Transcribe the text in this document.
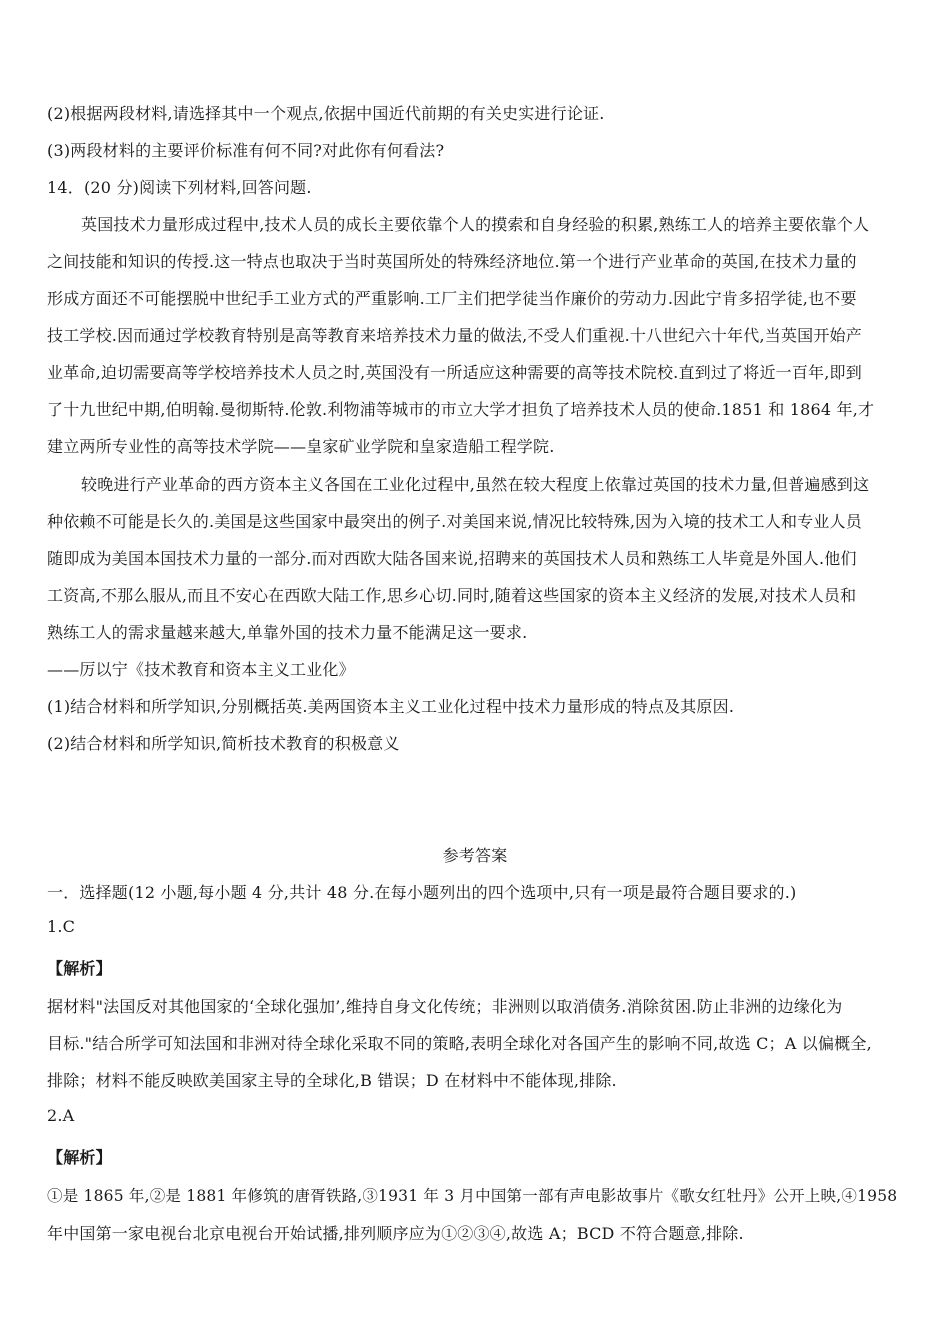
(2)根据两段材料,请选择其中一个观点,依据中国近代前期的有关史实进行论证.
(3)两段材料的主要评价标准有何不同?对此你有何看法?
14．(20 分)阅读下列材料,回答问题.
英国技术力量形成过程中,技术人员的成长主要依靠个人的摸索和自身经验的积累,熟练工人的培养主要依靠个人
之间技能和知识的传授.这一特点也取决于当时英国所处的特殊经济地位.第一个进行产业革命的英国,在技术力量的
形成方面还不可能摆脱中世纪手工业方式的严重影响.工厂主们把学徒当作廉价的劳动力.因此宁肯多招学徒,也不要
技工学校.因而通过学校教育特别是高等教育来培养技术力量的做法,不受人们重视.十八世纪六十年代,当英国开始产
业革命,迫切需要高等学校培养技术人员之时,英国没有一所适应这种需要的高等技术院校.直到过了将近一百年,即到
了十九世纪中期,伯明翰.曼彻斯特.伦敦.利物浦等城市的市立大学才担负了培养技术人员的使命.1851 和 1864 年,才
建立两所专业性的高等技术学院——皇家矿业学院和皇家造船工程学院.
较晚进行产业革命的西方资本主义各国在工业化过程中,虽然在较大程度上依靠过英国的技术力量,但普遍感到这
种依赖不可能是长久的.美国是这些国家中最突出的例子.对美国来说,情况比较特殊,因为入境的技术工人和专业人员
随即成为美国本国技术力量的一部分.而对西欧大陆各国来说,招聘来的英国技术人员和熟练工人毕竟是外国人.他们
工资高,不那么服从,而且不安心在西欧大陆工作,思乡心切.同时,随着这些国家的资本主义经济的发展,对技术人员和
熟练工人的需求量越来越大,单靠外国的技术力量不能满足这一要求.
——厉以宁《技术教育和资本主义工业化》
(1)结合材料和所学知识,分别概括英.美两国资本主义工业化过程中技术力量形成的特点及其原因.
(2)结合材料和所学知识,简析技术教育的积极意义
参考答案
一．选择题(12 小题,每小题 4 分,共计 48 分.在每小题列出的四个选项中,只有一项是最符合题目要求的.)
1.C
【解析】
据材料"法国反对其他国家的‘全球化强加’,维持自身文化传统；非洲则以取消债务.消除贫困.防止非洲的边缘化为
目标."结合所学可知法国和非洲对待全球化采取不同的策略,表明全球化对各国产生的影响不同,故选 C；A 以偏概全,
排除；材料不能反映欧美国家主导的全球化,B 错误；D 在材料中不能体现,排除.
2.A
【解析】
①是 1865 年,②是 1881 年修筑的唐胥铁路,③1931 年 3 月中国第一部有声电影故事片《歌女红牡丹》公开上映,④1958
年中国第一家电视台北京电视台开始试播,排列顺序应为①②③④,故选 A；BCD 不符合题意,排除.
